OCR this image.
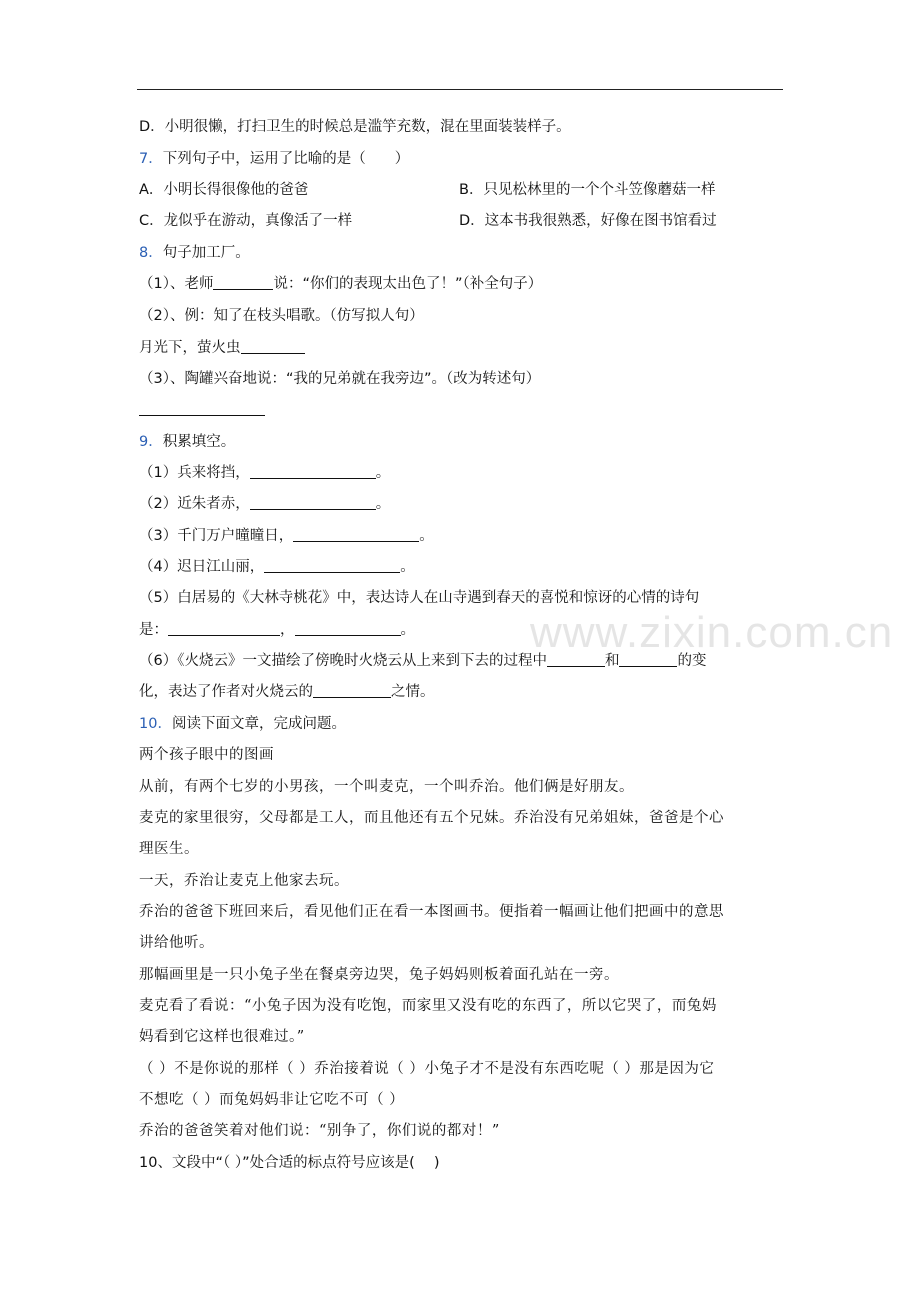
D．小明很懒，打扫卫生的时候总是滥竽充数，混在里面装装样子。
7．下列句子中，运用了比喻的是（　　）
A．小明长得很像他的爸爸	B．只见松林里的一个个斗笠像蘑菇一样
C．龙似乎在游动，真像活了一样	D．这本书我很熟悉，好像在图书馆看过
8．句子加工厂。
（1）、老师	说：“你们的表现太出色了！”（补全句子）
（2）、例：知了在枝头唱歌。（仿写拟人句）
月光下，萤火虫
（3）、陶罐兴奋地说：“我的兄弟就在我旁边”。（改为转述句）
9．积累填空。
（1）兵来将挡，	。
（2）近朱者赤，	。
（3）千门万户曈曈日，	。
（4）迟日江山丽，	。
（5）白居易的《大林寺桃花》中，表达诗人在山寺遇到春天的喜悦和惊讶的心情的诗句
是：	，	。
（6）《火烧云》一文描绘了傍晚时火烧云从上来到下去的过程中	和	的变
化，表达了作者对火烧云的	之情。
10．阅读下面文章，完成问题。
两个孩子眼中的图画
从前，有两个七岁的小男孩，一个叫麦克，一个叫乔治。他们俩是好朋友。
麦克的家里很穷，父母都是工人，而且他还有五个兄妹。乔治没有兄弟姐妹，爸爸是个心
理医生。
一天，乔治让麦克上他家去玩。
乔治的爸爸下班回来后，看见他们正在看一本图画书。便指着一幅画让他们把画中的意思
讲给他听。
那幅画里是一只小兔子坐在餐桌旁边哭，兔子妈妈则板着面孔站在一旁。
麦克看了看说：“小兔子因为没有吃饱，而家里又没有吃的东西了，所以它哭了，而兔妈
妈看到它这样也很难过。”
（ ）不是你说的那样（ ）乔治接着说（ ）小兔子才不是没有东西吃呢（ ）那是因为它
不想吃（ ）而兔妈妈非让它吃不可（ ）
乔治的爸爸笑着对他们说：“别争了，你们说的都对！”
10、文段中“（ ）”处合适的标点符号应该是(　 )
www.zixin.com.cn
